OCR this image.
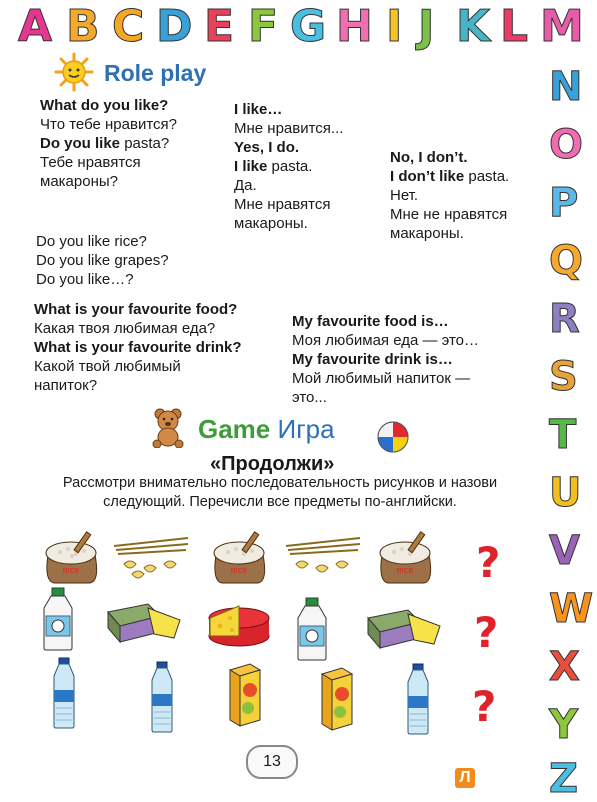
A B C D E F G H I J K L M
N
O
P
Q
R
S
T
U
V
W
X
Y
Z
Role play
What do you like?
Что тебе нравится?
Do you like pasta?
Тебе нравятся
макароны?
I like…
Мне нравится...
Yes, I do.
I like pasta.
Да.
Мне нравятся
макароны.
No, I don’t.
I don’t like pasta.
Нет.
Мне не нравятся
макароны.
Do you like rice?
Do you like grapes?
Do you like…?
What is your favourite food?
Какая твоя любимая еда?
What is your favourite drink?
Какой твой любимый
напиток?
My favourite food is…
Моя любимая еда — это…
My favourite drink is…
Мой любимый напиток —
это...
Game Игра
«Продолжи»
Рассмотри внимательно последовательность рисунков и назови
следующий. Перечисли все предметы по-английски.
RICE	RICE	RICE ?
?
?
13
Л
